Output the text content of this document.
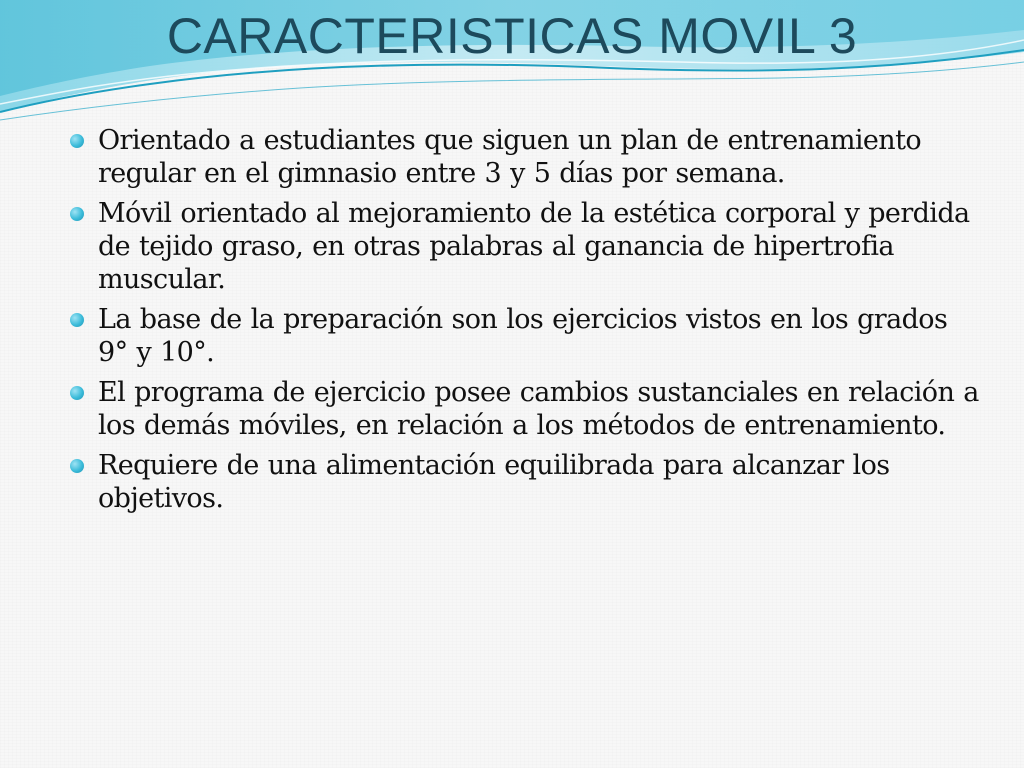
CARACTERISTICAS MOVIL 3
Orientado a estudiantes que siguen un plan de entrenamiento regular en el gimnasio entre 3 y 5 días por semana.
Móvil orientado al mejoramiento de la estética corporal y perdida de tejido graso, en otras palabras al ganancia de hipertrofia muscular.
La base de la preparación son los ejercicios vistos en los grados 9° y 10°.
El programa de ejercicio posee cambios sustanciales en relación a los demás móviles, en relación a los métodos de entrenamiento.
Requiere de una alimentación equilibrada para alcanzar los objetivos.
